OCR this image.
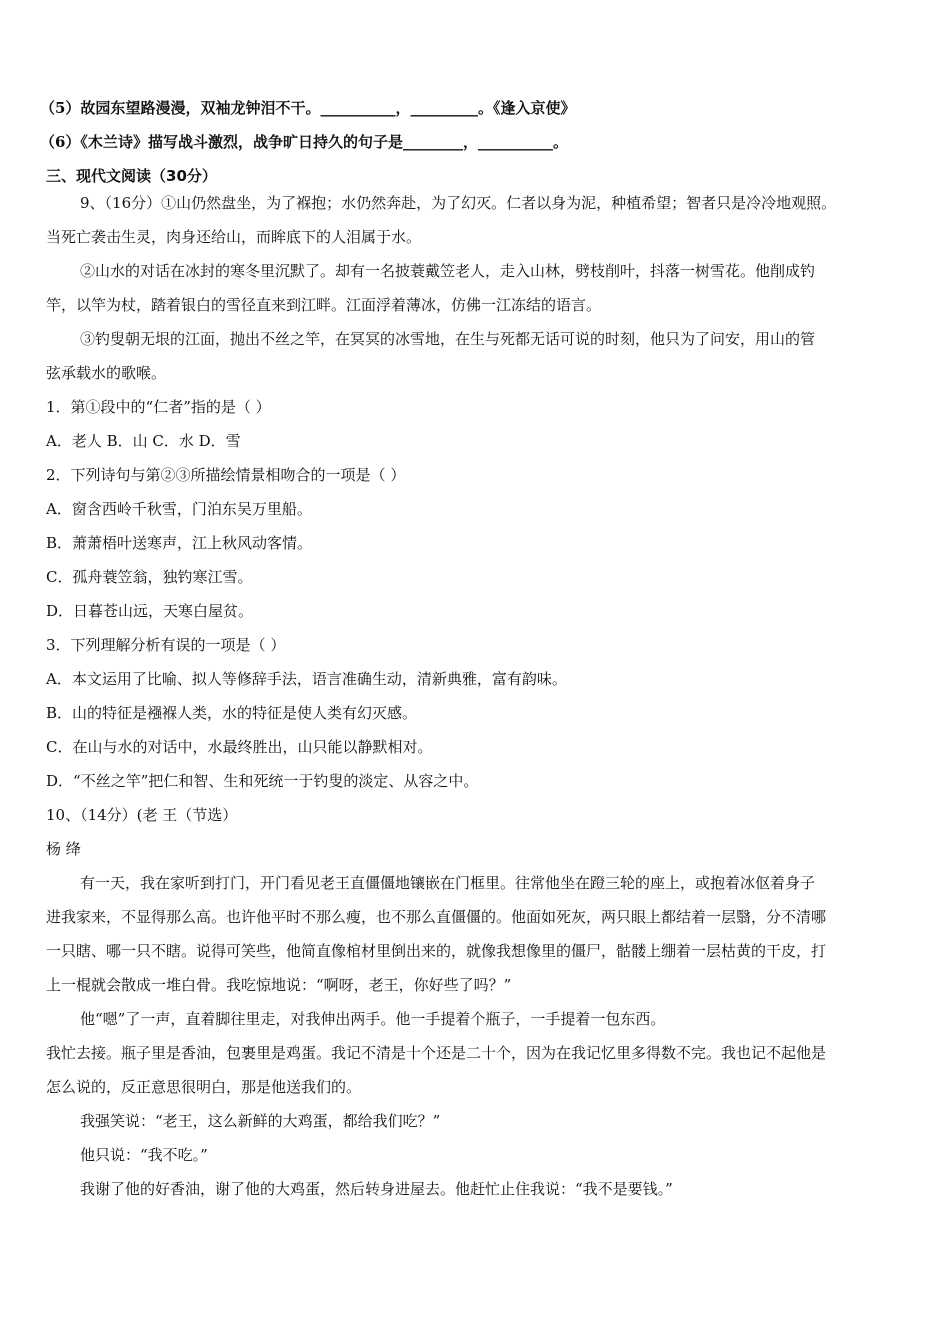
（5）故园东望路漫漫，双袖龙钟泪不干。__________，_________。《逢入京使》
（6）《木兰诗》描写战斗激烈，战争旷日持久的句子是________，__________。
三、现代文阅读（30分）
9、（16分）①山仍然盘坐，为了褓抱；水仍然奔赴，为了幻灭。仁者以身为泥，种植希望；智者只是冷冷地观照。
当死亡袭击生灵，肉身还给山，而眸底下的人泪属于水。
②山水的对话在冰封的寒冬里沉默了。却有一名披蓑戴笠老人，走入山林，劈枝削叶，抖落一树雪花。他削成钓
竿，以竿为杖，踏着银白的雪径直来到江畔。江面浮着薄冰，仿佛一江冻结的语言。
③钓叟朝无垠的江面，抛出不丝之竿，在冥冥的冰雪地，在生与死都无话可说的时刻，他只为了问安，用山的管
弦承载水的歌喉。
1．第①段中的“仁者”指的是（ ）
A．老人 B．山 C．水 D．雪
2．下列诗句与第②③所描绘情景相吻合的一项是（ ）
A．窗含西岭千秋雪，门泊东吴万里船。
B．萧萧梧叶送寒声，江上秋风动客情。
C．孤舟蓑笠翁，独钓寒江雪。
D．日暮苍山远，天寒白屋贫。
3．下列理解分析有误的一项是（ ）
A．本文运用了比喻、拟人等修辞手法，语言准确生动，清新典雅，富有韵味。
B．山的特征是襁褓人类，水的特征是使人类有幻灭感。
C．在山与水的对话中，水最终胜出，山只能以静默相对。
D．“不丝之竿”把仁和智、生和死统一于钓叟的淡定、从容之中。
10、（14分）(老 王（节选）
杨 绛
有一天，我在家听到打门，开门看见老王直僵僵地镶嵌在门框里。往常他坐在蹬三轮的座上，或抱着冰伛着身子
进我家来，不显得那么高。也许他平时不那么瘦，也不那么直僵僵的。他面如死灰，两只眼上都结着一层翳，分不清哪
一只瞎、哪一只不瞎。说得可笑些，他简直像棺材里倒出来的，就像我想像里的僵尸，骷髅上绷着一层枯黄的干皮，打
上一棍就会散成一堆白骨。我吃惊地说：“啊呀，老王，你好些了吗？”
他“嗯”了一声，直着脚往里走，对我伸出两手。他一手提着个瓶子，一手提着一包东西。
我忙去接。瓶子里是香油，包裹里是鸡蛋。我记不清是十个还是二十个，因为在我记忆里多得数不完。我也记不起他是
怎么说的，反正意思很明白，那是他送我们的。
我强笑说：“老王，这么新鲜的大鸡蛋，都给我们吃？”
他只说：“我不吃。”
我谢了他的好香油，谢了他的大鸡蛋，然后转身进屋去。他赶忙止住我说：“我不是要钱。”
